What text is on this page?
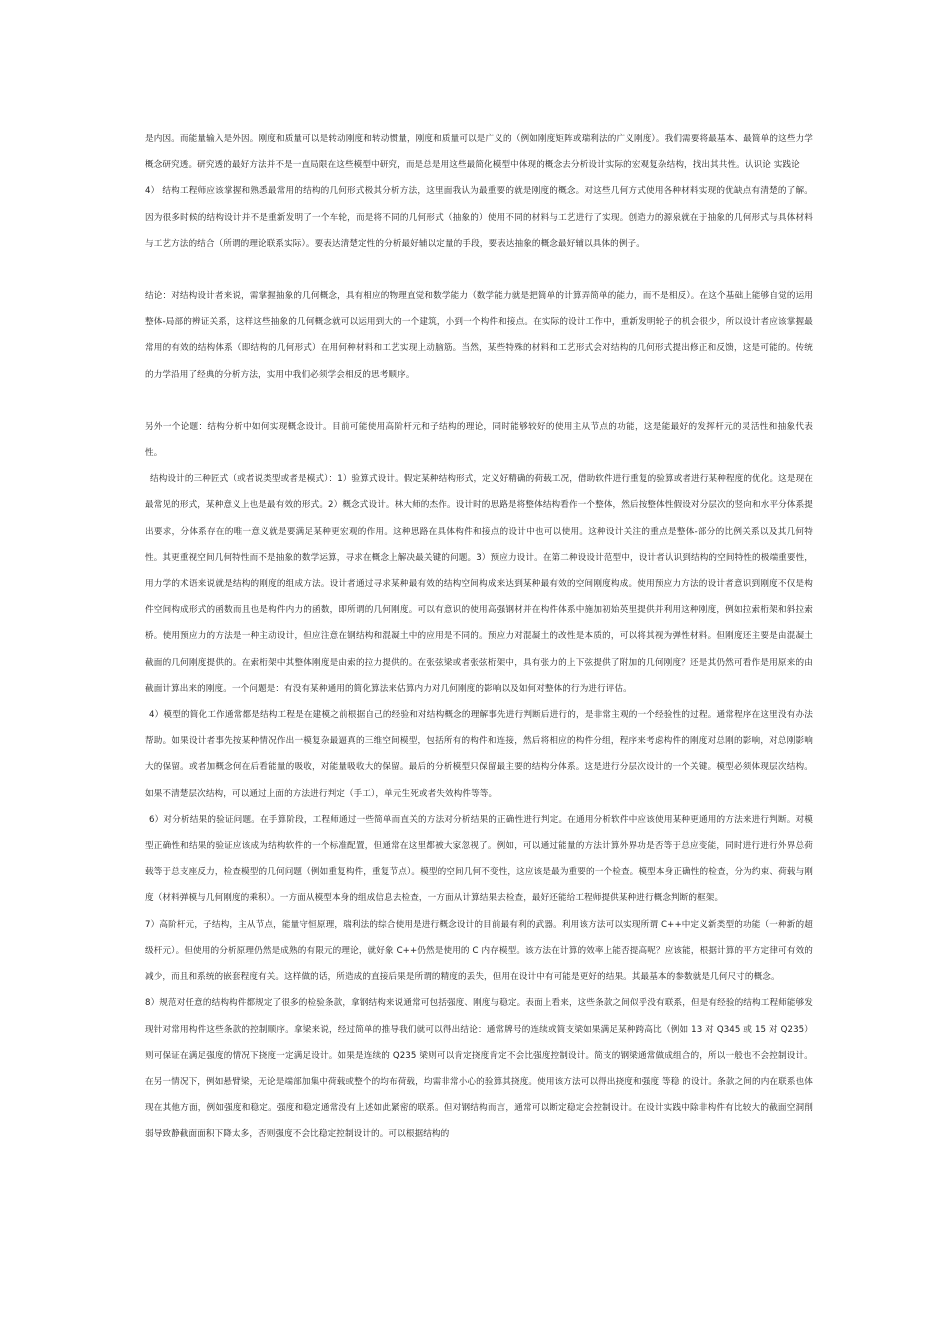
是内因。而能量输入是外因。刚度和质量可以是转动刚度和转动惯量，刚度和质量可以是广义的（例如刚度矩阵或瑞利法的广义刚度）。我们需要将最基本、最简单的这些力学概念研究透。研究透的最好方法并不是一直局限在这些模型中研究，而是总是用这些最简化模型中体现的概念去分析设计实际的宏观复杂结构，找出其共性。认识论 实践论

4） 结构工程师应该掌握和熟悉最常用的结构的几何形式极其分析方法，这里面我认为最重要的就是刚度的概念。对这些几何方式使用各种材料实现的优缺点有清楚的了解。因为很多时候的结构设计并不是重新发明了一个车轮，而是将不同的几何形式（抽象的）使用不同的材料与工艺进行了实现。创造力的源泉就在于抽象的几何形式与具体材料与工艺方法的结合（所谓的理论联系实际）。要表达清楚定性的分析最好辅以定量的手段，要表达抽象的概念最好辅以具体的例子。

结论：对结构设计者来说，需掌握抽象的几何概念，具有相应的物理直觉和数学能力（数学能力就是把简单的计算弄简单的能力，而不是相反）。在这个基础上能够自觉的运用整体-局部的辨证关系，这样这些抽象的几何概念就可以运用到大的一个建筑，小到一个构件和接点。在实际的设计工作中，重新发明轮子的机会很少，所以设计者应该掌握最常用的有效的结构体系（即结构的几何形式）在用何种材料和工艺实现上动脑筋。当然，某些特殊的材料和工艺形式会对结构的几何形式提出修正和反馈，这是可能的。传统的力学沿用了经典的分析方法，实用中我们必须学会相反的思考顺序。

另外一个论题：结构分析中如何实现概念设计。目前可能使用高阶杆元和子结构的理论，同时能够较好的使用主从节点的功能，这是能最好的发挥杆元的灵活性和抽象代表性。

结构设计的三种匠式（或者说类型或者是模式）：1）验算式设计。假定某种结构形式，定义好精确的荷载工况，借助软件进行重复的验算或者进行某种程度的优化。这是现在最常见的形式，某种意义上也是最有效的形式。2）概念式设计。林大师的杰作。设计时的思路是将整体结构看作一个整体，然后按整体性假设对分层次的竖向和水平分体系提出要求，分体系存在的唯一意义就是要满足某种更宏观的作用。这种思路在具体构件和接点的设计中也可以使用。这种设计关注的重点是整体-部分的比例关系以及其几何特性。其更重视空间几何特性而不是抽象的数学运算，寻求在概念上解决最关键的问题。3）预应力设计。在第二种设设计范型中，设计者认识到结构的空间特性的极端重要性，用力学的术语来说就是结构的刚度的组成方法。设计者通过寻求某种最有效的结构空间构成来达到某种最有效的空间刚度构成。使用预应力方法的设计者意识到刚度不仅是构件空间构成形式的函数而且也是构件内力的函数，即所谓的几何刚度。可以有意识的使用高强钢材并在构件体系中施加初始英里提供并利用这种刚度，例如拉索桁架和斜拉索桥。使用预应力的方法是一种主动设计，但应注意在钢结构和混凝土中的应用是不同的。预应力对混凝土的改性是本质的，可以将其视为弹性材料。但刚度还主要是由混凝土截面的几何刚度提供的。在索桁架中其整体刚度是由索的拉力提供的。在张弦梁或者张弦桁架中，具有张力的上下弦提供了附加的几何刚度？还是其仍然可看作是用原来的由截面计算出来的刚度。一个问题是：有没有某种通用的简化算法来估算内力对几何刚度的影响以及如何对整体的行为进行评估。

4）模型的简化工作通常都是结构工程是在建模之前根据自己的经验和对结构概念的理解事先进行判断后进行的，是非常主观的一个经验性的过程。通常程序在这里没有办法帮助。如果设计者事先按某种情况作出一模复杂最逼真的三维空间模型，包括所有的构件和连接，然后将相应的构件分组，程序来考虑构件的刚度对总刚的影响，对总刚影响大的保留。或者加概念何在后看能量的吸收，对能量吸收大的保留。最后的分析模型只保留最主要的结构分体系。这是进行分层次设计的一个关键。模型必须体现层次结构。如果不清楚层次结构，可以通过上面的方法进行判定（手工），单元生死或者失效构件等等。

6）对分析结果的验证问题。在手算阶段，工程师通过一些简单而直关的方法对分析结果的正确性进行判定。在通用分析软件中应该使用某种更通用的方法来进行判断。对模型正确性和结果的验证应该成为结构软件的一个标准配置，但通常在这里都被大家忽视了。例如，可以通过能量的方法计算外界功是否等于总应变能，同时进行进行外界总荷载等于总支座反力，检查模型的几何问题（例如重复构件，重复节点）。模型的空间几何不变性，这应该是最为重要的一个检查。模型本身正确性的检查，分为约束、荷载与刚度（材料弹模与几何刚度的乘积）。一方面从模型本身的组成信息去检查，一方面从计算结果去检查，最好还能给工程师提供某种进行概念判断的框架。

7）高阶杆元，子结构，主从节点，能量守恒原理，瑞利法的综合使用是进行概念设计的目前最有利的武器。利用该方法可以实现所谓 C++中定义新类型的功能（一种新的超级杆元）。但使用的分析原理仍然是成熟的有限元的理论，就好象 C++仍然是使用的 C 内存模型。该方法在计算的效率上能否提高呢？应该能，根据计算的平方定律可有效的减少，而且和系统的嵌套程度有关。这样做的话，所造成的直接后果是所谓的精度的丢失，但用在设计中有可能是更好的结果。其最基本的参数就是几何尺寸的概念。

8）规范对任意的结构构件都规定了很多的检验条款，拿钢结构来说通常可包括强度、刚度与稳定。表面上看来，这些条款之间似乎没有联系，但是有经验的结构工程师能够发现针对常用构件这些条款的控制顺序。拿梁来说，经过简单的推导我们就可以得出结论：通常牌号的连续或简支梁如果满足某种跨高比（例如 13 对 Q345 或 15 对 Q235）则可保证在满足强度的情况下挠度一定满足设计。如果是连续的 Q235 梁则可以肯定挠度肯定不会比强度控制设计。简支的钢梁通常做成组合的，所以一般也不会控制设计。在另一情况下，例如悬臂梁，无论是端部加集中荷载或整个的均布荷载，均需非常小心的验算其挠度。使用该方法可以得出挠度和强度 等稳 的设计。条款之间的内在联系也体现在其他方面，例如强度和稳定。强度和稳定通常没有上述如此紧密的联系。但对钢结构而言，通常可以断定稳定会控制设计。在设计实践中除非构件有比较大的截面空洞削弱导致静截面面积下降太多，否则强度不会比稳定控制设计的。可以根据结构的
